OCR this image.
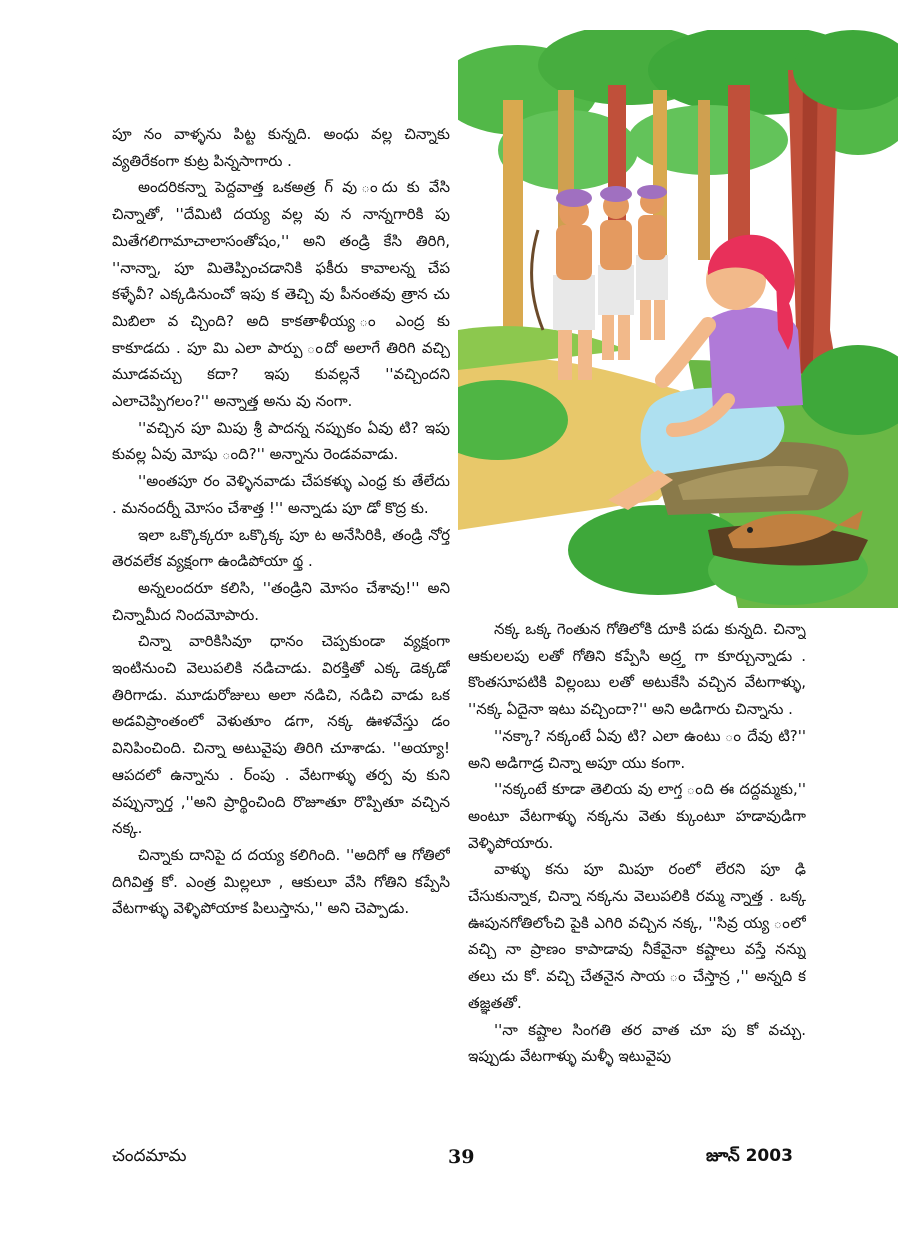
పూ నం వాళ్ళను పిట్ట కున్నది. అంధు వల్ల చిన్నాకు వ్యతిరేకంగా కుట్ర పిన్నసాగారు .

అందరికన్నా పెద్దవాత్త ఒకఅత్ర గ్ వు ందు కు వేసి చిన్నాతో, ''దేమిటి దయ్య వల్ల వు న నాన్నగారికి పు మితేగలిగామాచాలాసంతోషం,'' అని తండ్రి కేసి తిరిగి, ''నాన్నా, పూ మితెప్పించడానికి ఫకీరు కావాలన్న చేప కళ్ళేవీ? ఎక్కడినుంచో ఇపు క తెచ్చి వు పీనంతవు త్రాన చు మిబిలా వ చ్చింది? అది కాకతాళీయ్య ం ఎంద్ర కు కాకూడదు . పూ మి ఎలా పార్పు ందో అలాగే తిరిగి వచ్చి మూడవచ్చు కదా? ఇపు కువల్లనే ''వచ్చిందని ఎలాచెప్పిగలం?'' అన్నాత్త అను వు నంగా.

''వచ్చిన పూ మిపు శ్రీ పాదన్న నప్పుకం ఏవు టి? ఇపు కువల్ల ఏవు మోషు ంది?'' అన్నాను రెండవవాడు.

''అంతపూ రం వెళ్ళినవాడు చేపకళ్ళు ఎంధ్ర కు తేలేదు . మనందర్నీ మోసం చేశాత్త !'' అన్నాడు పూ డో కొద్ర కు.

ఇలా ఒక్కొక్కరూ ఒక్కొక్క పూ ట అనేసిరికి, తండ్రి నోర్త తెరవలేక వ్యక్షంగా ఉండిపోయా థ్త .

అన్నలందరూ కలిసి, ''తండ్రిని మోసం చేశావు!'' అని చిన్నామీద నిందమోపారు.

చిన్నా వారికిసివూ ధానం చెప్పకుండా వ్యక్షంగా ఇంటినుంచి వెలుపలికి నడిచాడు. విరక్తితో ఎక్క డెక్కడో తిరిగాడు. మూడురోజులు అలా నడిచి, నడిచి వాడు ఒక అడవిప్రాంతంలో వెళుతూం డగా, నక్క ఊళవేస్తు డం వినిపించింది. చిన్నా అటువైపు తిరిగి చూశాడు. ''అయ్యా! ఆపదలో ఉన్నాను . ర్ంపు . వేటగాళ్ళు తర్ప వు కుని వప్పున్నార్త ,''అని ప్రార్థించింది రొజూతూ రొప్పితూ వచ్చిన నక్క.

చిన్నాకు దానిపై ద దయ్య కలిగింది. ''అదిగో ఆ గోతిలో దిగివిత్త కో. ఎంత్ర మిల్లలూ , ఆకులూ వేసి గోతిని కప్పేసి వేటగాళ్ళు వెళ్ళిపోయాక పిలుస్తాను,'' అని చెప్పాడు.

నక్క ఒక్క గెంతున గోతిలోకి దూకి పడు కున్నది. చిన్నా ఆకులలపు లతో గోతిని కప్పేసి అద్ర్త గా కూర్చున్నాడు . కొంతసూపటికి విల్లంబు లతో అటుకేసి వచ్చిన వేటగాళ్ళు, ''నక్క ఏదైనా ఇటు వచ్చిందా?'' అని అడిగారు చిన్నాను .

''నక్కా? నక్కంటే ఏవు టి? ఎలా ఉంటు ం దేవు టి?'' అని అడిగాడ్ర చిన్నా అపూ యు కంగా.

''నక్కంటే కూడా తెలియ వు లాగ్త ంది ఈ దద్దమ్మకు,'' అంటూ వేటగాళ్ళు నక్కను వెతు క్కుంటూ హడావుడిగా వెళ్ళిపోయారు.

వాళ్ళు కను పూ మిపూ రంలో లేరని పూ ఢి చేసుకున్నాక, చిన్నా నక్కను వెలుపలికి రమ్మ న్నాత్త . ఒక్క ఊపునగోతిలోంచి పైకి ఎగిరి వచ్చిన నక్క, ''సివ్ర య్య ంలో వచ్చి నా ప్రాణం కాపాడావు నీకేవైనా కష్టాలు వస్తే నన్ను తలు చు కో. వచ్చి చేతనైన సాయ ం చేస్తాన్ర ,'' అన్నది క తజ్ఞతతో.

''నా కష్టాల సింగతి తర వాత చూ పు కో వచ్చు. ఇప్పుడు వేటగాళ్ళు మళ్ళీ ఇటువైపు

చందమామ	39	జూన్ 2003
